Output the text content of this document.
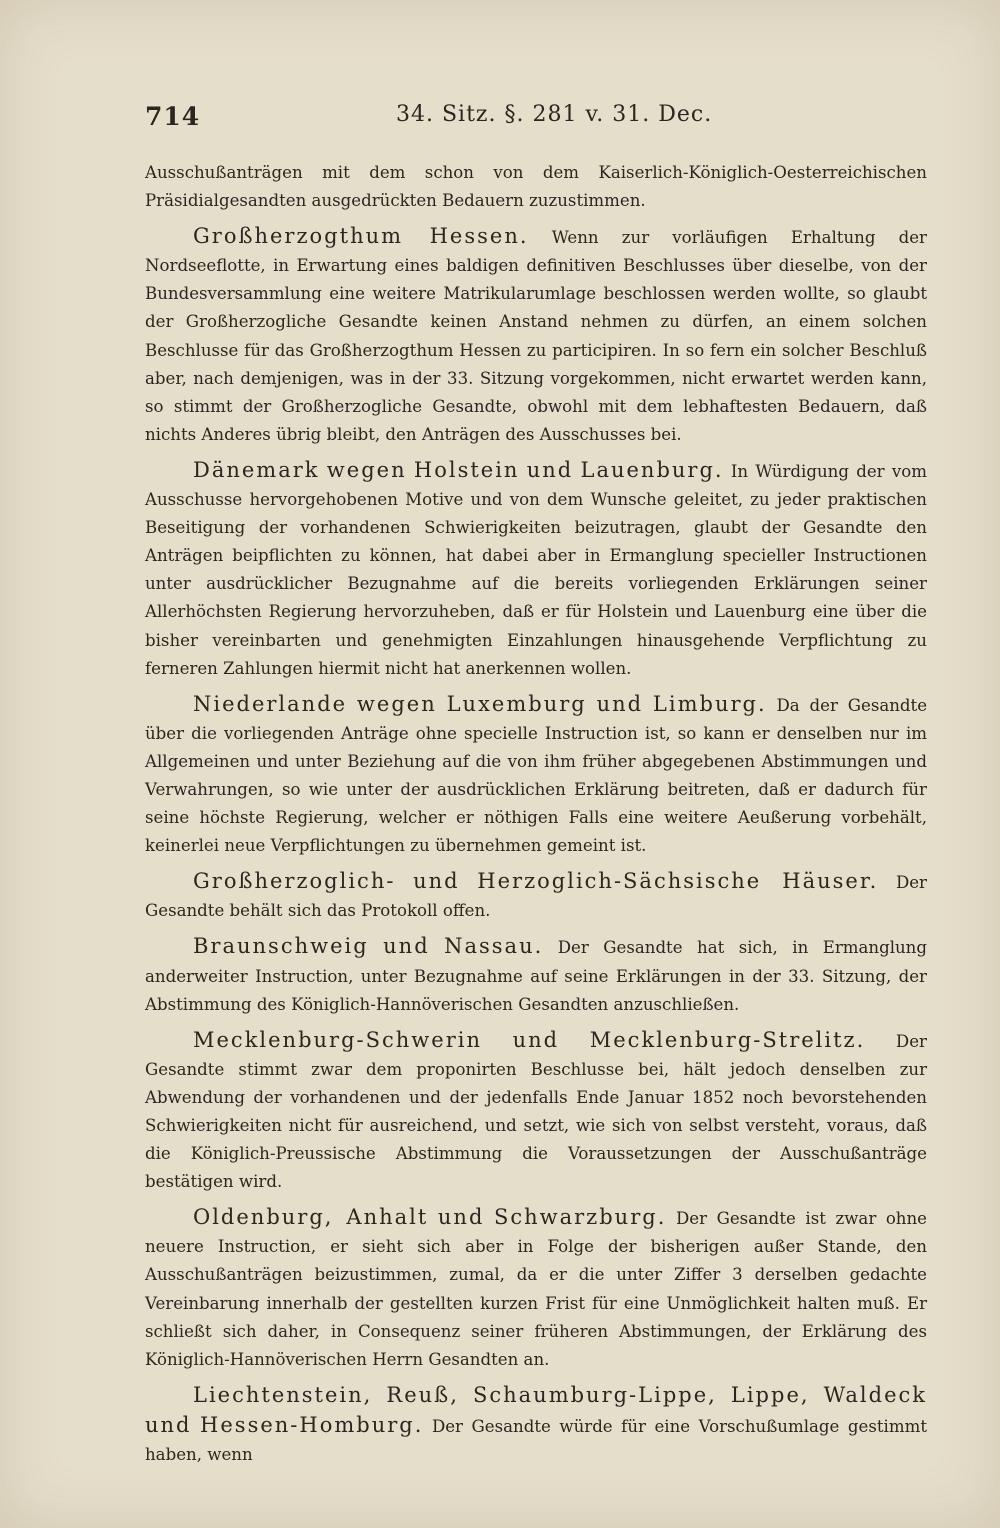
714	34. Sitz. §. 281 v. 31. Dec.

Ausschußanträgen mit dem schon von dem Kaiserlich-Königlich-Oesterreichischen Präsidialgesandten ausgedrückten Bedauern zuzustimmen.

Großherzogthum Hessen. Wenn zur vorläufigen Erhaltung der Nordseeflotte, in Erwartung eines baldigen definitiven Beschlusses über dieselbe, von der Bundesversammlung eine weitere Matrikularumlage beschlossen werden wollte, so glaubt der Großherzogliche Gesandte keinen Anstand nehmen zu dürfen, an einem solchen Beschlusse für das Großherzogthum Hessen zu participiren. In so fern ein solcher Beschluß aber, nach demjenigen, was in der 33. Sitzung vorgekommen, nicht erwartet werden kann, so stimmt der Großherzogliche Gesandte, obwohl mit dem lebhaftesten Bedauern, daß nichts Anderes übrig bleibt, den Anträgen des Ausschusses bei.

Dänemark wegen Holstein und Lauenburg. In Würdigung der vom Ausschusse hervorgehobenen Motive und von dem Wunsche geleitet, zu jeder praktischen Beseitigung der vorhandenen Schwierigkeiten beizutragen, glaubt der Gesandte den Anträgen beipflichten zu können, hat dabei aber in Ermanglung specieller Instructionen unter ausdrücklicher Bezugnahme auf die bereits vorliegenden Erklärungen seiner Allerhöchsten Regierung hervorzuheben, daß er für Holstein und Lauenburg eine über die bisher vereinbarten und genehmigten Einzahlungen hinausgehende Verpflichtung zu ferneren Zahlungen hiermit nicht hat anerkennen wollen.

Niederlande wegen Luxemburg und Limburg. Da der Gesandte über die vorliegenden Anträge ohne specielle Instruction ist, so kann er denselben nur im Allgemeinen und unter Beziehung auf die von ihm früher abgegebenen Abstimmungen und Verwahrungen, so wie unter der ausdrücklichen Erklärung beitreten, daß er dadurch für seine höchste Regierung, welcher er nöthigen Falls eine weitere Aeußerung vorbehält, keinerlei neue Verpflichtungen zu übernehmen gemeint ist.

Großherzoglich- und Herzoglich-Sächsische Häuser. Der Gesandte behält sich das Protokoll offen.

Braunschweig und Nassau. Der Gesandte hat sich, in Ermanglung anderweiter Instruction, unter Bezugnahme auf seine Erklärungen in der 33. Sitzung, der Abstimmung des Königlich-Hannöverischen Gesandten anzuschließen.

Mecklenburg-Schwerin und Mecklenburg-Strelitz. Der Gesandte stimmt zwar dem proponirten Beschlusse bei, hält jedoch denselben zur Abwendung der vorhandenen und der jedenfalls Ende Januar 1852 noch bevorstehenden Schwierigkeiten nicht für ausreichend, und setzt, wie sich von selbst versteht, voraus, daß die Königlich-Preussische Abstimmung die Voraussetzungen der Ausschußanträge bestätigen wird.

Oldenburg, Anhalt und Schwarzburg. Der Gesandte ist zwar ohne neuere Instruction, er sieht sich aber in Folge der bisherigen außer Stande, den Ausschußanträgen beizustimmen, zumal, da er die unter Ziffer 3 derselben gedachte Vereinbarung innerhalb der gestellten kurzen Frist für eine Unmöglichkeit halten muß. Er schließt sich daher, in Consequenz seiner früheren Abstimmungen, der Erklärung des Königlich-Hannöverischen Herrn Gesandten an.

Liechtenstein, Reuß, Schaumburg-Lippe, Lippe, Waldeck und Hessen-Homburg. Der Gesandte würde für eine Vorschußumlage gestimmt haben, wenn
